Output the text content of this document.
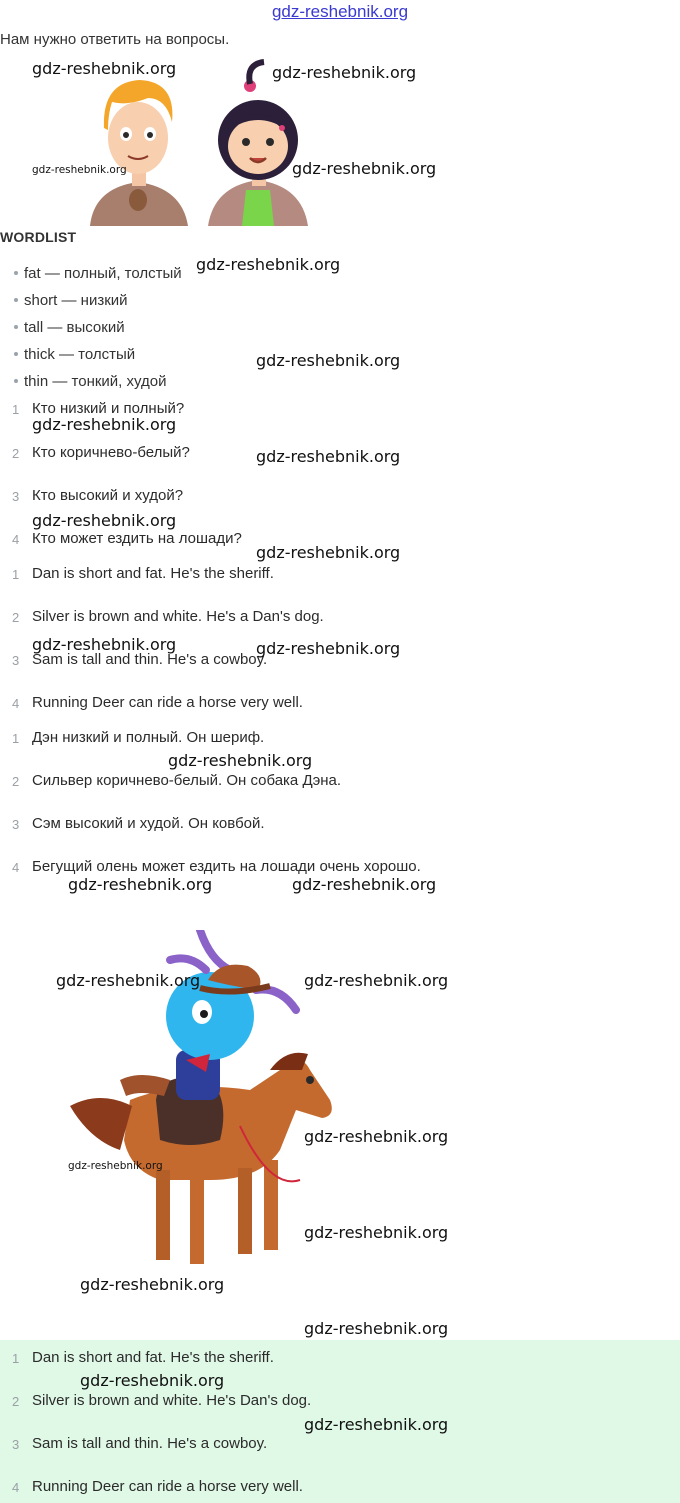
gdz-reshebnik.org
Нам нужно ответить на вопросы.
WORDLIST
fat — полный, толстый
short — низкий
tall — высокий
thick — толстый
thin — тонкий, худой
1 Кто низкий и полный?
2 Кто коричнево-белый?
3 Кто высокий и худой?
4 Кто может ездить на лошади?
1 Dan is short and fat. He's the sheriff.
2 Silver is brown and white. He's a Dan's dog.
3 Sam is tall and thin. He's a cowboy.
4 Running Deer can ride a horse very well.
1 Дэн низкий и полный. Он шериф.
2 Сильвер коричнево-белый. Он собака Дэна.
3 Сэм высокий и худой. Он ковбой.
4 Бегущий олень может ездить на лошади очень хорошо.
1 Dan is short and fat. He's the sheriff.
2 Silver is brown and white. He's Dan's dog.
3 Sam is tall and thin. He's a cowboy.
4 Running Deer can ride a horse very well.
gdz-reshebnik.org	gdz-reshebnik.org
gdz-reshebnik.org	gdz-reshebnik.org
gdz-reshebnik.org
gdz-reshebnik.org
gdz-reshebnik.org
gdz-reshebnik.org
gdz-reshebnik.org
gdz-reshebnik.org
gdz-reshebnik.org	gdz-reshebnik.org
gdz-reshebnik.org
gdz-reshebnik.org	gdz-reshebnik.org
gdz-reshebnik.org	gdz-reshebnik.org
gdz-reshebnik.org
gdz-reshebnik.org
gdz-reshebnik.org
gdz-reshebnik.org
gdz-reshebnik.org
gdz-reshebnik.org
gdz-reshebnik.org
